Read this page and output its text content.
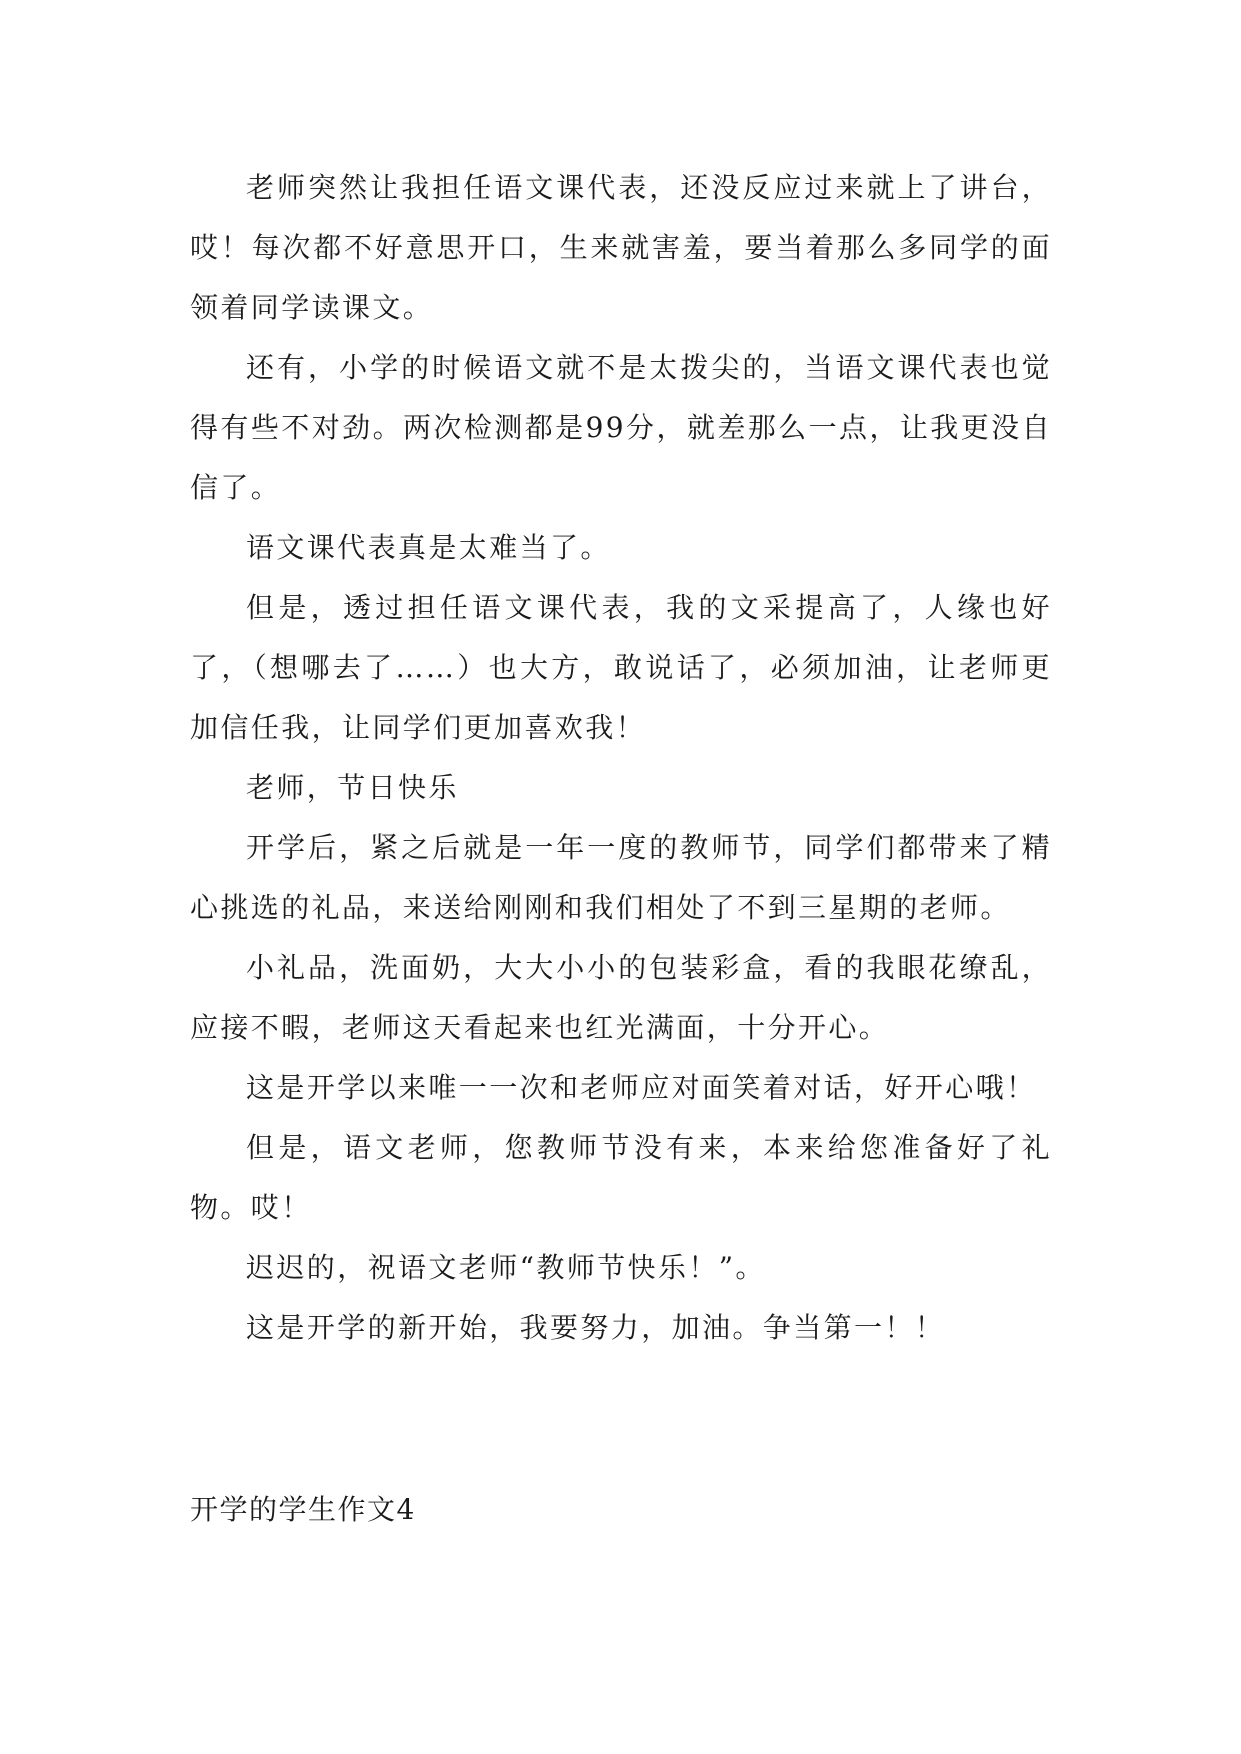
老师突然让我担任语文课代表，还没反应过来就上了讲台，哎！每次都不好意思开口，生来就害羞，要当着那么多同学的面领着同学读课文。

还有，小学的时候语文就不是太拨尖的，当语文课代表也觉得有些不对劲。两次检测都是99分，就差那么一点，让我更没自信了。

语文课代表真是太难当了。

但是，透过担任语文课代表，我的文采提高了，人缘也好了，（想哪去了……）也大方，敢说话了，必须加油，让老师更加信任我，让同学们更加喜欢我！

老师，节日快乐

开学后，紧之后就是一年一度的教师节，同学们都带来了精心挑选的礼品，来送给刚刚和我们相处了不到三星期的老师。

小礼品，洗面奶，大大小小的包装彩盒，看的我眼花缭乱，应接不暇，老师这天看起来也红光满面，十分开心。

这是开学以来唯一一次和老师应对面笑着对话，好开心哦！

但是，语文老师，您教师节没有来，本来给您准备好了礼物。哎！

迟迟的，祝语文老师“教师节快乐！”。

这是开学的新开始，我要努力，加油。争当第一！！

开学的学生作文4
